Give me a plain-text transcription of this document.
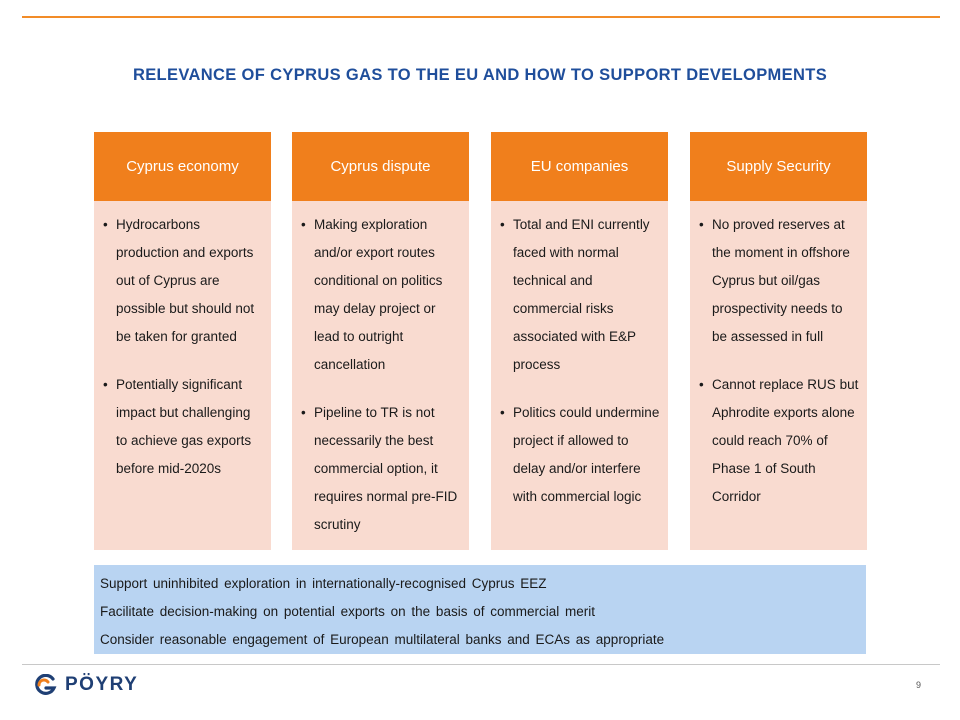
RELEVANCE OF CYPRUS GAS TO THE EU AND HOW TO SUPPORT DEVELOPMENTS
Cyprus economy
• Hydrocarbons production and exports out of Cyprus are possible but should not be taken for granted
• Potentially significant impact but challenging to achieve gas exports before mid-2020s
Cyprus dispute
• Making exploration and/or export routes conditional on politics may delay project or lead to outright cancellation
• Pipeline to TR is not necessarily the best commercial option, it requires normal pre-FID scrutiny
EU companies
• Total and ENI currently faced with normal technical and commercial risks associated with E&P process
• Politics could undermine project if allowed to delay and/or interfere with commercial logic
Supply Security
• No proved reserves at the moment in offshore Cyprus but oil/gas prospectivity needs to be assessed in full
• Cannot replace RUS but Aphrodite exports alone could reach 70% of Phase 1 of South Corridor
Support uninhibited exploration in internationally-recognised Cyprus EEZ
Facilitate decision-making on potential exports on the basis of commercial merit
Consider reasonable engagement of European multilateral banks and ECAs as appropriate
PÖYRY	9
